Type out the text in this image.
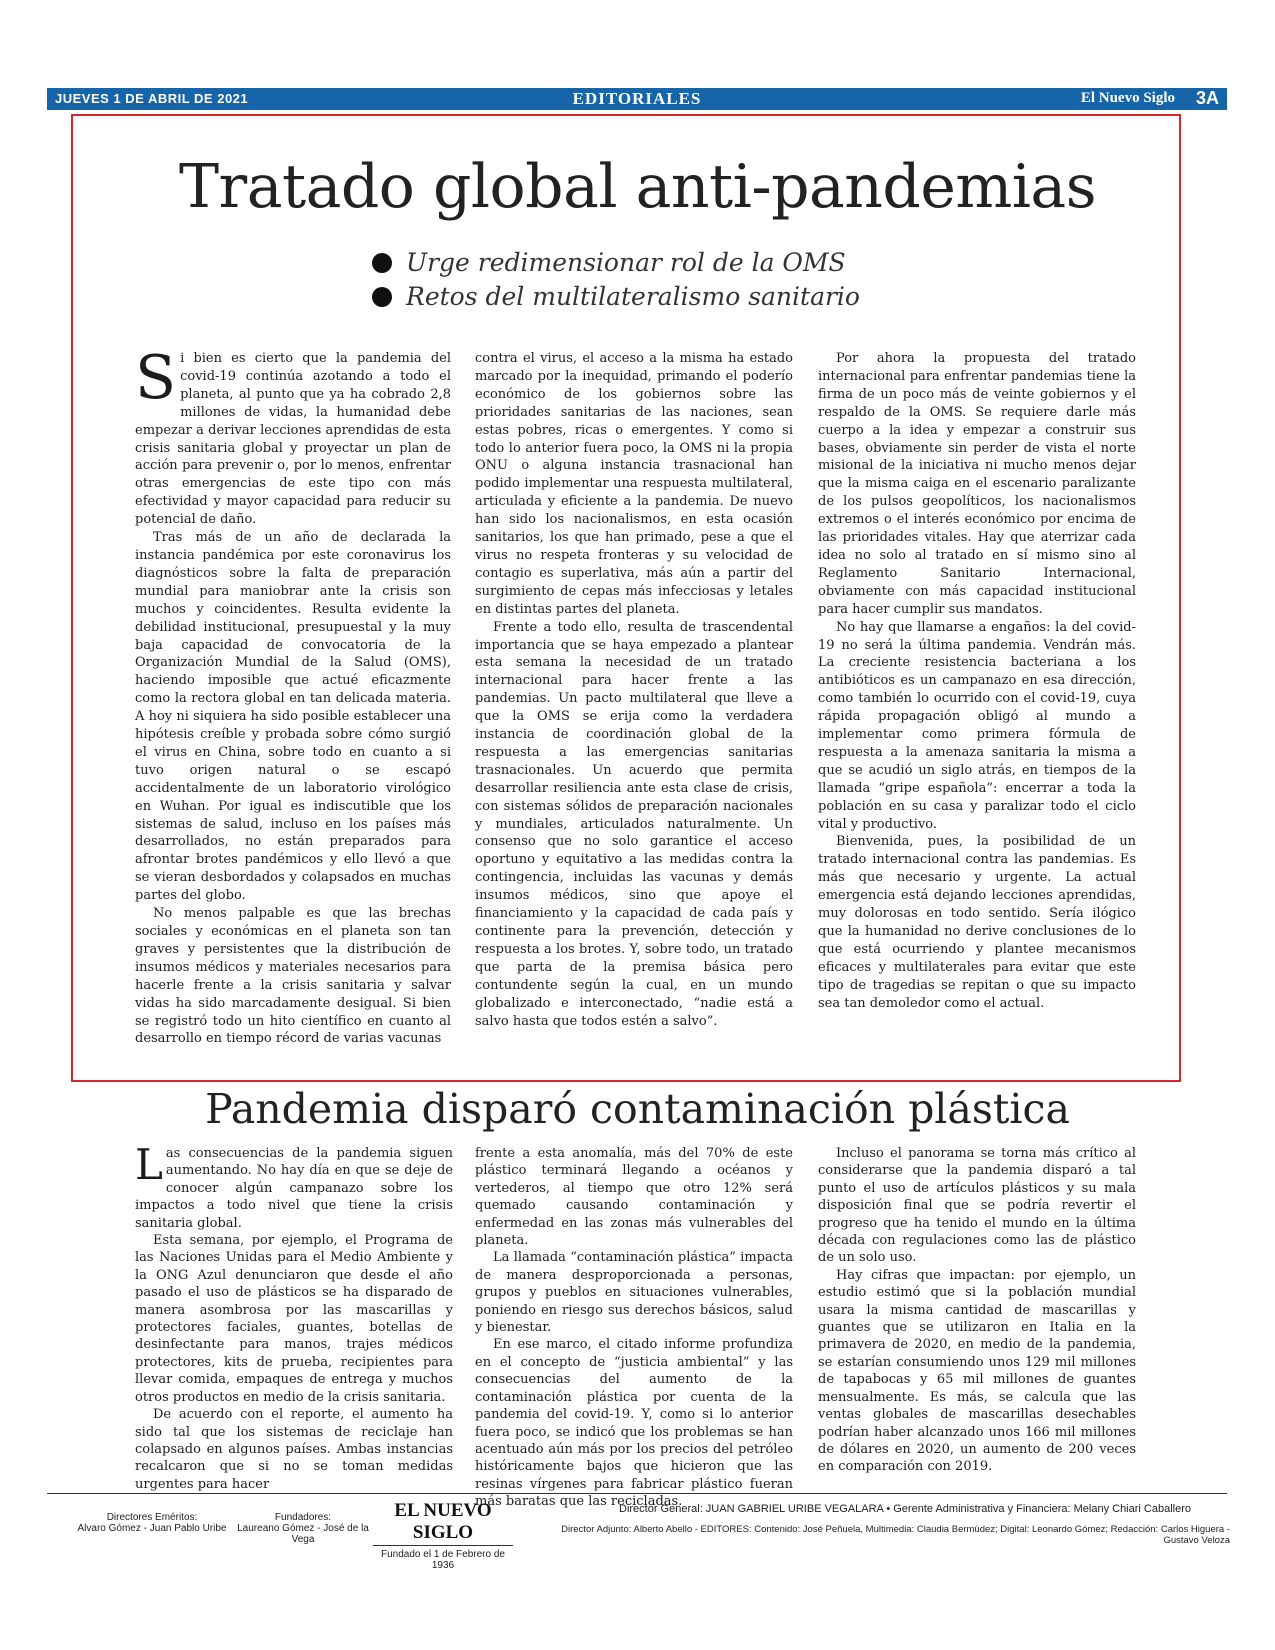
JUEVES 1 DE ABRIL DE 2021	EDITORIALES	El Nuevo Siglo 3A
Tratado global anti-pandemias
Urge redimensionar rol de la OMS
Retos del multilateralismo sanitario

Si bien es cierto que la pandemia del covid-19 continúa azotando a todo el planeta, al punto que ya ha cobrado 2,8 millones de vidas, la humanidad debe empezar a derivar lecciones aprendidas de esta crisis sanitaria global y proyectar un plan de acción para prevenir o, por lo menos, enfrentar otras emergencias de este tipo con más efectividad y mayor capacidad para reducir su potencial de daño.

Tras más de un año de declarada la instancia pandémica por este coronavirus los diagnósticos sobre la falta de preparación mundial para maniobrar ante la crisis son muchos y coincidentes. Resulta evidente la debilidad institucional, presupuestal y la muy baja capacidad de convocatoria de la Organización Mundial de la Salud (OMS), haciendo imposible que actué eficazmente como la rectora global en tan delicada materia. A hoy ni siquiera ha sido posible establecer una hipótesis creíble y probada sobre cómo surgió el virus en China, sobre todo en cuanto a si tuvo origen natural o se escapó accidentalmente de un laboratorio virológico en Wuhan. Por igual es indiscutible que los sistemas de salud, incluso en los países más desarrollados, no están preparados para afrontar brotes pandémicos y ello llevó a que se vieran desbordados y colapsados en muchas partes del globo.

No menos palpable es que las brechas sociales y económicas en el planeta son tan graves y persistentes que la distribución de insumos médicos y materiales necesarios para hacerle frente a la crisis sanitaria y salvar vidas ha sido marcadamente desigual. Si bien se registró todo un hito científico en cuanto al desarrollo en tiempo récord de varias vacunas

contra el virus, el acceso a la misma ha estado marcado por la inequidad, primando el poderío económico de los gobiernos sobre las prioridades sanitarias de las naciones, sean estas pobres, ricas o emergentes. Y como si todo lo anterior fuera poco, la OMS ni la propia ONU o alguna instancia trasnacional han podido implementar una respuesta multilateral, articulada y eficiente a la pandemia. De nuevo han sido los nacionalismos, en esta ocasión sanitarios, los que han primado, pese a que el virus no respeta fronteras y su velocidad de contagio es superlativa, más aún a partir del surgimiento de cepas más infecciosas y letales en distintas partes del planeta.

Frente a todo ello, resulta de trascendental importancia que se haya empezado a plantear esta semana la necesidad de un tratado internacional para hacer frente a las pandemias. Un pacto multilateral que lleve a que la OMS se erija como la verdadera instancia de coordinación global de la respuesta a las emergencias sanitarias trasnacionales. Un acuerdo que permita desarrollar resiliencia ante esta clase de crisis, con sistemas sólidos de preparación nacionales y mundiales, articulados naturalmente. Un consenso que no solo garantice el acceso oportuno y equitativo a las medidas contra la contingencia, incluidas las vacunas y demás insumos médicos, sino que apoye el financiamiento y la capacidad de cada país y continente para la prevención, detección y respuesta a los brotes. Y, sobre todo, un tratado que parta de la premisa básica pero contundente según la cual, en un mundo globalizado e interconectado, “nadie está a salvo hasta que todos estén a salvo”.

Por ahora la propuesta del tratado internacional para enfrentar pandemias tiene la firma de un poco más de veinte gobiernos y el respaldo de la OMS. Se requiere darle más cuerpo a la idea y empezar a construir sus bases, obviamente sin perder de vista el norte misional de la iniciativa ni mucho menos dejar que la misma caiga en el escenario paralizante de los pulsos geopolíticos, los nacionalismos extremos o el interés económico por encima de las prioridades vitales. Hay que aterrizar cada idea no solo al tratado en sí mismo sino al Reglamento Sanitario Internacional, obviamente con más capacidad institucional para hacer cumplir sus mandatos.

No hay que llamarse a engaños: la del covid-19 no será la última pandemia. Vendrán más. La creciente resistencia bacteriana a los antibióticos es un campanazo en esa dirección, como también lo ocurrido con el covid-19, cuya rápida propagación obligó al mundo a implementar como primera fórmula de respuesta a la amenaza sanitaria la misma a que se acudió un siglo atrás, en tiempos de la llamada “gripe española”: encerrar a toda la población en su casa y paralizar todo el ciclo vital y productivo.

Bienvenida, pues, la posibilidad de un tratado internacional contra las pandemias. Es más que necesario y urgente. La actual emergencia está dejando lecciones aprendidas, muy dolorosas en todo sentido. Sería ilógico que la humanidad no derive conclusiones de lo que está ocurriendo y plantee mecanismos eficaces y multilaterales para evitar que este tipo de tragedias se repitan o que su impacto sea tan demoledor como el actual.

Pandemia disparó contaminación plástica

Las consecuencias de la pandemia siguen aumentando. No hay día en que se deje de conocer algún campanazo sobre los impactos a todo nivel que tiene la crisis sanitaria global.

Esta semana, por ejemplo, el Programa de las Naciones Unidas para el Medio Ambiente y la ONG Azul denunciaron que desde el año pasado el uso de plásticos se ha disparado de manera asombrosa por las mascarillas y protectores faciales, guantes, botellas de desinfectante para manos, trajes médicos protectores, kits de prueba, recipientes para llevar comida, empaques de entrega y muchos otros productos en medio de la crisis sanitaria.

De acuerdo con el reporte, el aumento ha sido tal que los sistemas de reciclaje han colapsado en algunos países. Ambas instancias recalcaron que si no se toman medidas urgentes para hacer

frente a esta anomalía, más del 70% de este plástico terminará llegando a océanos y vertederos, al tiempo que otro 12% será quemado causando contaminación y enfermedad en las zonas más vulnerables del planeta.

La llamada “contaminación plástica” impacta de manera desproporcionada a personas, grupos y pueblos en situaciones vulnerables, poniendo en riesgo sus derechos básicos, salud y bienestar.

En ese marco, el citado informe profundiza en el concepto de “justicia ambiental” y las consecuencias del aumento de la contaminación plástica por cuenta de la pandemia del covid-19. Y, como si lo anterior fuera poco, se indicó que los problemas se han acentuado aún más por los precios del petróleo históricamente bajos que hicieron que las resinas vírgenes para fabricar plástico fueran más baratas que las recicladas.

Incluso el panorama se torna más crítico al considerarse que la pandemia disparó a tal punto el uso de artículos plásticos y su mala disposición final que se podría revertir el progreso que ha tenido el mundo en la última década con regulaciones como las de plástico de un solo uso.

Hay cifras que impactan: por ejemplo, un estudio estimó que si la población mundial usara la misma cantidad de mascarillas y guantes que se utilizaron en Italia en la primavera de 2020, en medio de la pandemia, se estarían consumiendo unos 129 mil millones de tapabocas y 65 mil millones de guantes mensualmente. Es más, se calcula que las ventas globales de mascarillas desechables podrían haber alcanzado unos 166 mil millones de dólares en 2020, un aumento de 200 veces en comparación con 2019.

Directores Eméritos:
Alvaro Gómez - Juan Pablo Uribe
Fundadores:
Laureano Gómez - José de la Vega
EL NUEVO SIGLO
Fundado el 1 de Febrero de 1936
Director General: JUAN GABRIEL URIBE VEGALARA • Gerente Administrativa y Financiera: Melany Chiari Caballero
Director Adjunto: Alberto Abello - EDITORES: Contenido: José Peñuela, Multimedia: Claudia Bermúdez; Digital: Leonardo Gómez; Redacción: Carlos Higuera - Gustavo Veloza
